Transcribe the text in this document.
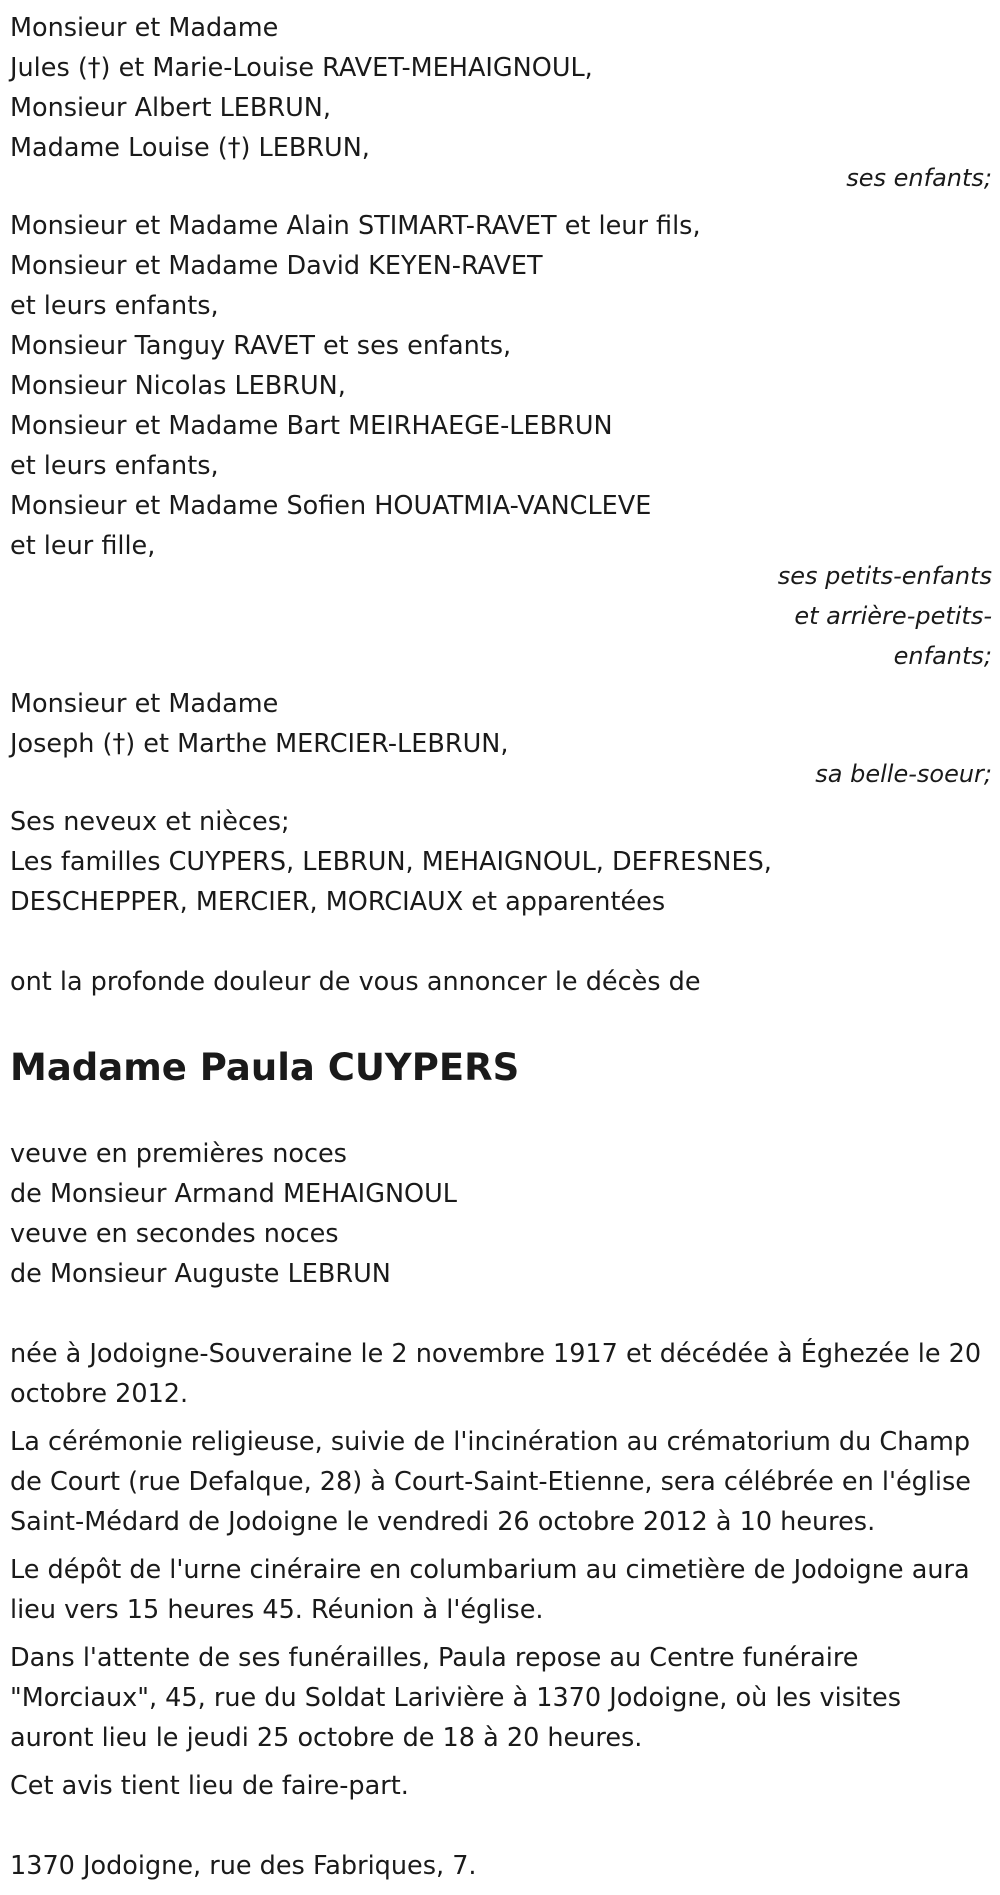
Monsieur et Madame
Jules (†) et Marie-Louise RAVET-MEHAIGNOUL,
Monsieur Albert LEBRUN,
Madame Louise (†) LEBRUN,
ses enfants;
Monsieur et Madame Alain STIMART-RAVET et leur fils,
Monsieur et Madame David KEYEN-RAVET
et leurs enfants,
Monsieur Tanguy RAVET et ses enfants,
Monsieur Nicolas LEBRUN,
Monsieur et Madame Bart MEIRHAEGE-LEBRUN
et leurs enfants,
Monsieur et Madame Sofien HOUATMIA-VANCLEVE
et leur fille,
ses petits-enfants
et arrière-petits-
enfants;
Monsieur et Madame
Joseph (†) et Marthe MERCIER-LEBRUN,
sa belle-soeur;
Ses neveux et nièces;
Les familles CUYPERS, LEBRUN, MEHAIGNOUL, DEFRESNES,
DESCHEPPER, MERCIER, MORCIAUX et apparentées
ont la profonde douleur de vous annoncer le décès de
Madame Paula CUYPERS
veuve en premières noces
de Monsieur Armand MEHAIGNOUL
veuve en secondes noces
de Monsieur Auguste LEBRUN
née à Jodoigne-Souveraine le 2 novembre 1917 et décédée à Éghezée le 20 octobre 2012.
La cérémonie religieuse, suivie de l'incinération au crématorium du Champ de Court (rue Defalque, 28) à Court-Saint-Etienne, sera célébrée en l'église Saint-Médard de Jodoigne le vendredi 26 octobre 2012 à 10 heures.
Le dépôt de l'urne cinéraire en columbarium au cimetière de Jodoigne aura lieu vers 15 heures 45. Réunion à l'église.
Dans l'attente de ses funérailles, Paula repose au Centre funéraire "Morciaux", 45, rue du Soldat Larivière à 1370 Jodoigne, où les visites auront lieu le jeudi 25 octobre de 18 à 20 heures.
Cet avis tient lieu de faire-part.
1370 Jodoigne, rue des Fabriques, 7.
